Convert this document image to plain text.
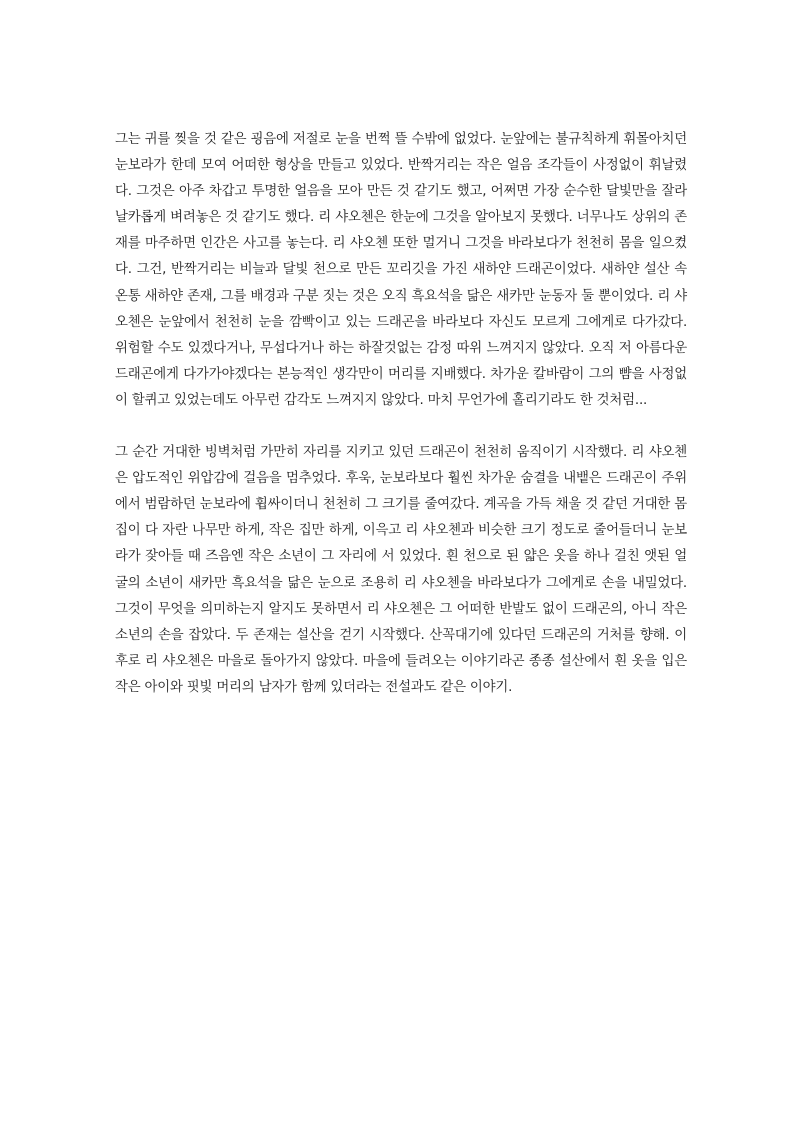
그는 귀를 찢을 것 같은 굉음에 저절로 눈을 번쩍 뜰 수밖에 없었다. 눈앞에는 불규칙하게 휘몰아치던 눈보라가 한데 모여 어떠한 형상을 만들고 있었다. 반짝거리는 작은 얼음 조각들이 사정없이 휘날렸다. 그것은 아주 차갑고 투명한 얼음을 모아 만든 것 같기도 했고, 어쩌면 가장 순수한 달빛만을 잘라 날카롭게 벼려놓은 것 같기도 했다. 리 샤오첸은 한눈에 그것을 알아보지 못했다. 너무나도 상위의 존재를 마주하면 인간은 사고를 놓는다. 리 샤오첸 또한 멀거니 그것을 바라보다가 천천히 몸을 일으켰다. 그건, 반짝거리는 비늘과 달빛 천으로 만든 꼬리깃을 가진 새하얀 드래곤이었다. 새하얀 설산 속 온통 새하얀 존재, 그를 배경과 구분 짓는 것은 오직 흑요석을 닮은 새카만 눈동자 둘 뿐이었다. 리 샤오첸은 눈앞에서 천천히 눈을 깜빡이고 있는 드래곤을 바라보다 자신도 모르게 그에게로 다가갔다. 위험할 수도 있겠다거나, 무섭다거나 하는 하잘것없는 감정 따위 느껴지지 않았다. 오직 저 아름다운 드래곤에게 다가가야겠다는 본능적인 생각만이 머리를 지배했다. 차가운 칼바람이 그의 뺨을 사정없이 할퀴고 있었는데도 아무런 감각도 느껴지지 않았다. 마치 무언가에 홀리기라도 한 것처럼...

그 순간 거대한 빙벽처럼 가만히 자리를 지키고 있던 드래곤이 천천히 움직이기 시작했다. 리 샤오첸은 압도적인 위압감에 걸음을 멈추었다. 후욱, 눈보라보다 훨씬 차가운 숨결을 내뱉은 드래곤이 주위에서 범람하던 눈보라에 휩싸이더니 천천히 그 크기를 줄여갔다. 계곡을 가득 채울 것 같던 거대한 몸집이 다 자란 나무만 하게, 작은 집만 하게, 이윽고 리 샤오첸과 비슷한 크기 정도로 줄어들더니 눈보라가 잦아들 때 즈음엔 작은 소년이 그 자리에 서 있었다. 흰 천으로 된 얇은 옷을 하나 걸친 앳된 얼굴의 소년이 새카만 흑요석을 닮은 눈으로 조용히 리 샤오첸을 바라보다가 그에게로 손을 내밀었다. 그것이 무엇을 의미하는지 알지도 못하면서 리 샤오첸은 그 어떠한 반발도 없이 드래곤의, 아니 작은 소년의 손을 잡았다. 두 존재는 설산을 걷기 시작했다. 산꼭대기에 있다던 드래곤의 거처를 향해. 이후로 리 샤오첸은 마을로 돌아가지 않았다. 마을에 들려오는 이야기라곤 종종 설산에서 흰 옷을 입은 작은 아이와 핏빛 머리의 남자가 함께 있더라는 전설과도 같은 이야기.
